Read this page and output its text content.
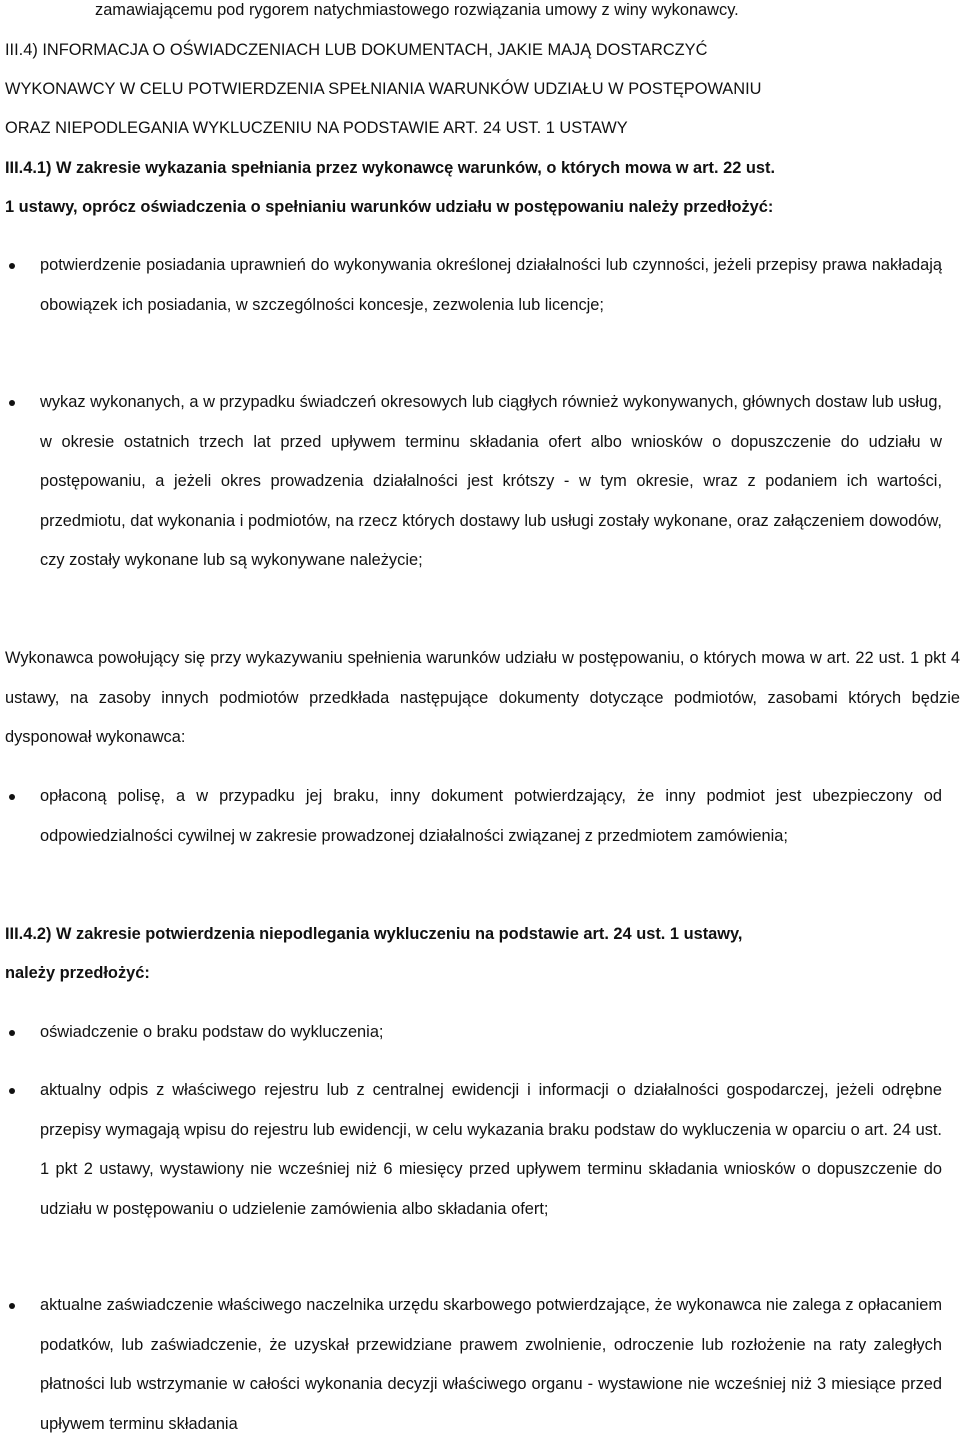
zamawiającemu pod rygorem natychmiastowego rozwiązania umowy z winy wykonawcy.
III.4) INFORMACJA O OŚWIADCZENIACH LUB DOKUMENTACH, JAKIE MAJĄ DOSTARCZYĆ
WYKONAWCY W CELU POTWIERDZENIA SPEŁNIANIA WARUNKÓW UDZIAŁU W POSTĘPOWANIU
ORAZ NIEPODLEGANIA WYKLUCZENIU NA PODSTAWIE ART. 24 UST. 1 USTAWY
III.4.1) W zakresie wykazania spełniania przez wykonawcę warunków, o których mowa w art. 22 ust.
1 ustawy, oprócz oświadczenia o spełnianiu warunków udziału w postępowaniu należy przedłożyć:
potwierdzenie posiadania uprawnień do wykonywania określonej działalności lub czynności, jeżeli przepisy prawa nakładają obowiązek ich posiadania, w szczególności koncesje, zezwolenia lub licencje;
wykaz wykonanych, a w przypadku świadczeń okresowych lub ciągłych również wykonywanych, głównych dostaw lub usług, w okresie ostatnich trzech lat przed upływem terminu składania ofert albo wniosków o dopuszczenie do udziału w postępowaniu, a jeżeli okres prowadzenia działalności jest krótszy - w tym okresie, wraz z podaniem ich wartości, przedmiotu, dat wykonania i podmiotów, na rzecz których dostawy lub usługi zostały wykonane, oraz załączeniem dowodów, czy zostały wykonane lub są wykonywane należycie;
Wykonawca powołujący się przy wykazywaniu spełnienia warunków udziału w postępowaniu, o których mowa w art. 22 ust. 1 pkt 4 ustawy, na zasoby innych podmiotów przedkłada następujące dokumenty dotyczące podmiotów, zasobami których będzie dysponował wykonawca:
opłaconą polisę, a w przypadku jej braku, inny dokument potwierdzający, że inny podmiot jest ubezpieczony od odpowiedzialności cywilnej w zakresie prowadzonej działalności związanej z przedmiotem zamówienia;
III.4.2) W zakresie potwierdzenia niepodlegania wykluczeniu na podstawie art. 24 ust. 1 ustawy,
należy przedłożyć:
oświadczenie o braku podstaw do wykluczenia;
aktualny odpis z właściwego rejestru lub z centralnej ewidencji i informacji o działalności gospodarczej, jeżeli odrębne przepisy wymagają wpisu do rejestru lub ewidencji, w celu wykazania braku podstaw do wykluczenia w oparciu o art. 24 ust. 1 pkt 2 ustawy, wystawiony nie wcześniej niż 6 miesięcy przed upływem terminu składania wniosków o dopuszczenie do udziału w postępowaniu o udzielenie zamówienia albo składania ofert;
aktualne zaświadczenie właściwego naczelnika urzędu skarbowego potwierdzające, że wykonawca nie zalega z opłacaniem podatków, lub zaświadczenie, że uzyskał przewidziane prawem zwolnienie, odroczenie lub rozłożenie na raty zaległych płatności lub wstrzymanie w całości wykonania decyzji właściwego organu - wystawione nie wcześniej niż 3 miesiące przed upływem terminu składania
